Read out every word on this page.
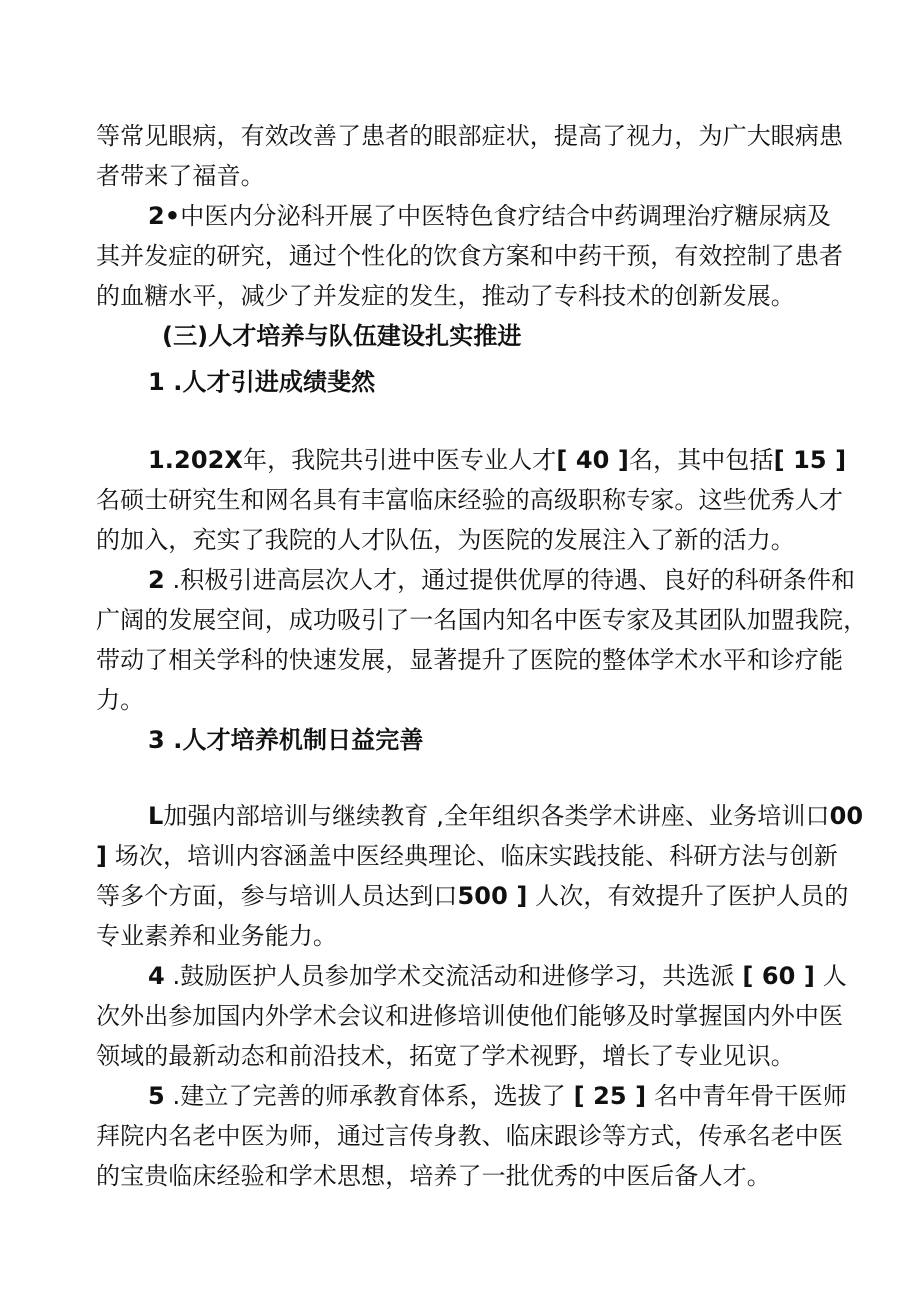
等常见眼病，有效改善了患者的眼部症状，提高了视力，为广大眼病患
者带来了福音。
2•中医内分泌科开展了中医特色食疗结合中药调理治疗糖尿病及
其并发症的研究，通过个性化的饮食方案和中药干预，有效控制了患者
的血糖水平，减少了并发症的发生，推动了专科技术的创新发展。
(三)人才培养与队伍建设扎实推进
1 .人才引进成绩斐然
1.202X年，我院共引进中医专业人才[ 40 ]名，其中包括[ 15 ]
名硕士研究生和网名具有丰富临床经验的高级职称专家。这些优秀人才
的加入，充实了我院的人才队伍，为医院的发展注入了新的活力。
2 .积极引进高层次人才，通过提供优厚的待遇、良好的科研条件和
广阔的发展空间，成功吸引了一名国内知名中医专家及其团队加盟我院，
带动了相关学科的快速发展，显著提升了医院的整体学术水平和诊疗能
力。
3 .人才培养机制日益完善
L加强内部培训与继续教育 ,全年组织各类学术讲座、业务培训口00
] 场次，培训内容涵盖中医经典理论、临床实践技能、科研方法与创新
等多个方面，参与培训人员达到口500 ] 人次，有效提升了医护人员的
专业素养和业务能力。
4 .鼓励医护人员参加学术交流活动和进修学习，共选派 [ 60 ] 人
次外出参加国内外学术会议和进修培训使他们能够及时掌握国内外中医
领域的最新动态和前沿技术，拓宽了学术视野，增长了专业见识。
5 .建立了完善的师承教育体系，选拔了 [ 25 ] 名中青年骨干医师
拜院内名老中医为师，通过言传身教、临床跟诊等方式，传承名老中医
的宝贵临床经验和学术思想，培养了一批优秀的中医后备人才。
